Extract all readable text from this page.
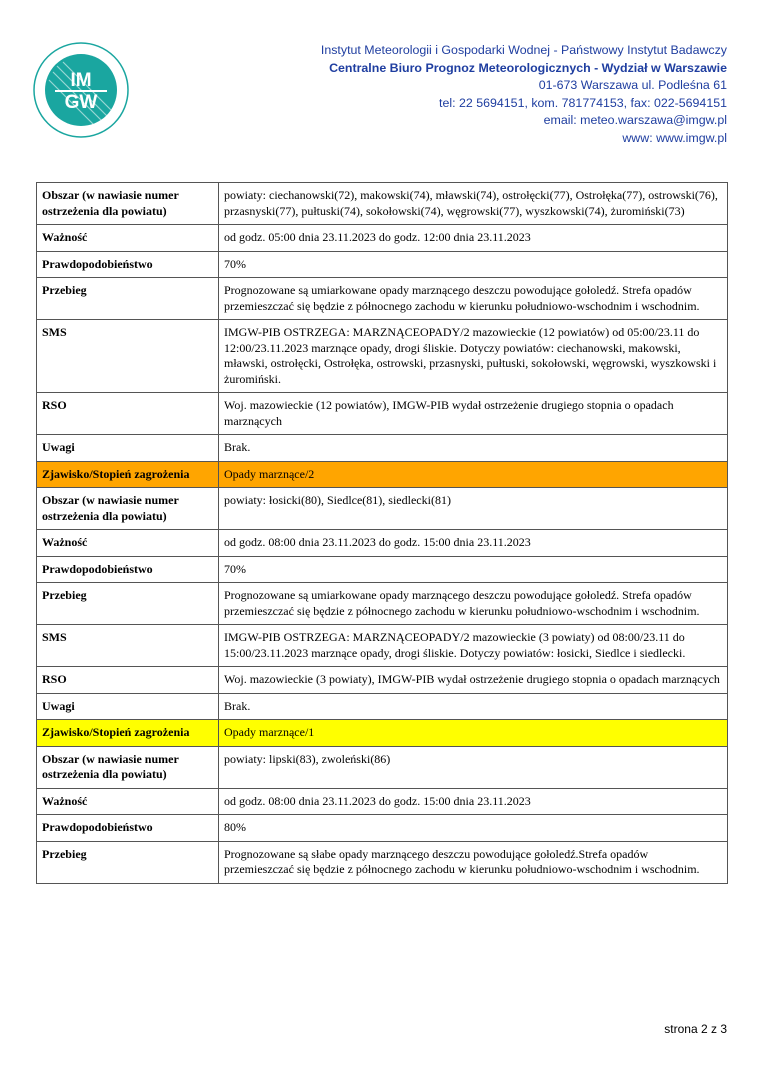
IM
GW
Instytut Meteorologii i Gospodarki Wodnej - Państwowy Instytut Badawczy
Centralne Biuro Prognoz Meteorologicznych - Wydział w Warszawie
01-673 Warszawa ul. Podleśna 61
tel: 22 5694151, kom. 781774153, fax: 022-5694151
email: meteo.warszawa@imgw.pl
www: www.imgw.pl
Obszar (w nawiasie numer ostrzeżenia dla powiatu)	powiaty: ciechanowski(72), makowski(74), mławski(74), ostrołęcki(77), Ostrołęka(77), ostrowski(76), przasnyski(77), pułtuski(74), sokołowski(74), węgrowski(77), wyszkowski(74), żuromiński(73)
Ważność	od godz. 05:00 dnia 23.11.2023 do godz. 12:00 dnia 23.11.2023
Prawdopodobieństwo	70%
Przebieg	Prognozowane są umiarkowane opady marznącego deszczu powodujące gołoledź. Strefa opadów przemieszczać się będzie z północnego zachodu w kierunku południowo-wschodnim i wschodnim.
SMS	IMGW-PIB OSTRZEGA: MARZNĄCEOPADY/2 mazowieckie (12 powiatów) od 05:00/23.11 do 12:00/23.11.2023 marznące opady, drogi śliskie. Dotyczy powiatów: ciechanowski, makowski, mławski, ostrołęcki, Ostrołęka, ostrowski, przasnyski, pułtuski, sokołowski, węgrowski, wyszkowski i żuromiński.
RSO	Woj. mazowieckie (12 powiatów), IMGW-PIB wydał ostrzeżenie drugiego stopnia o opadach marznących
Uwagi	Brak.
Zjawisko/Stopień zagrożenia	Opady marznące/2
Obszar (w nawiasie numer ostrzeżenia dla powiatu)	powiaty: łosicki(80), Siedlce(81), siedlecki(81)
Ważność	od godz. 08:00 dnia 23.11.2023 do godz. 15:00 dnia 23.11.2023
Prawdopodobieństwo	70%
Przebieg	Prognozowane są umiarkowane opady marznącego deszczu powodujące gołoledź. Strefa opadów przemieszczać się będzie z północnego zachodu w kierunku południowo-wschodnim i wschodnim.
SMS	IMGW-PIB OSTRZEGA: MARZNĄCEOPADY/2 mazowieckie (3 powiaty) od 08:00/23.11 do 15:00/23.11.2023 marznące opady, drogi śliskie. Dotyczy powiatów: łosicki, Siedlce i siedlecki.
RSO	Woj. mazowieckie (3 powiaty), IMGW-PIB wydał ostrzeżenie drugiego stopnia o opadach marznących
Uwagi	Brak.
Zjawisko/Stopień zagrożenia	Opady marznące/1
Obszar (w nawiasie numer ostrzeżenia dla powiatu)	powiaty: lipski(83), zwoleński(86)
Ważność	od godz. 08:00 dnia 23.11.2023 do godz. 15:00 dnia 23.11.2023
Prawdopodobieństwo	80%
Przebieg	Prognozowane są słabe opady marznącego deszczu powodujące gołoledź.Strefa opadów przemieszczać się będzie z północnego zachodu w kierunku południowo-wschodnim i wschodnim.
strona 2 z 3
